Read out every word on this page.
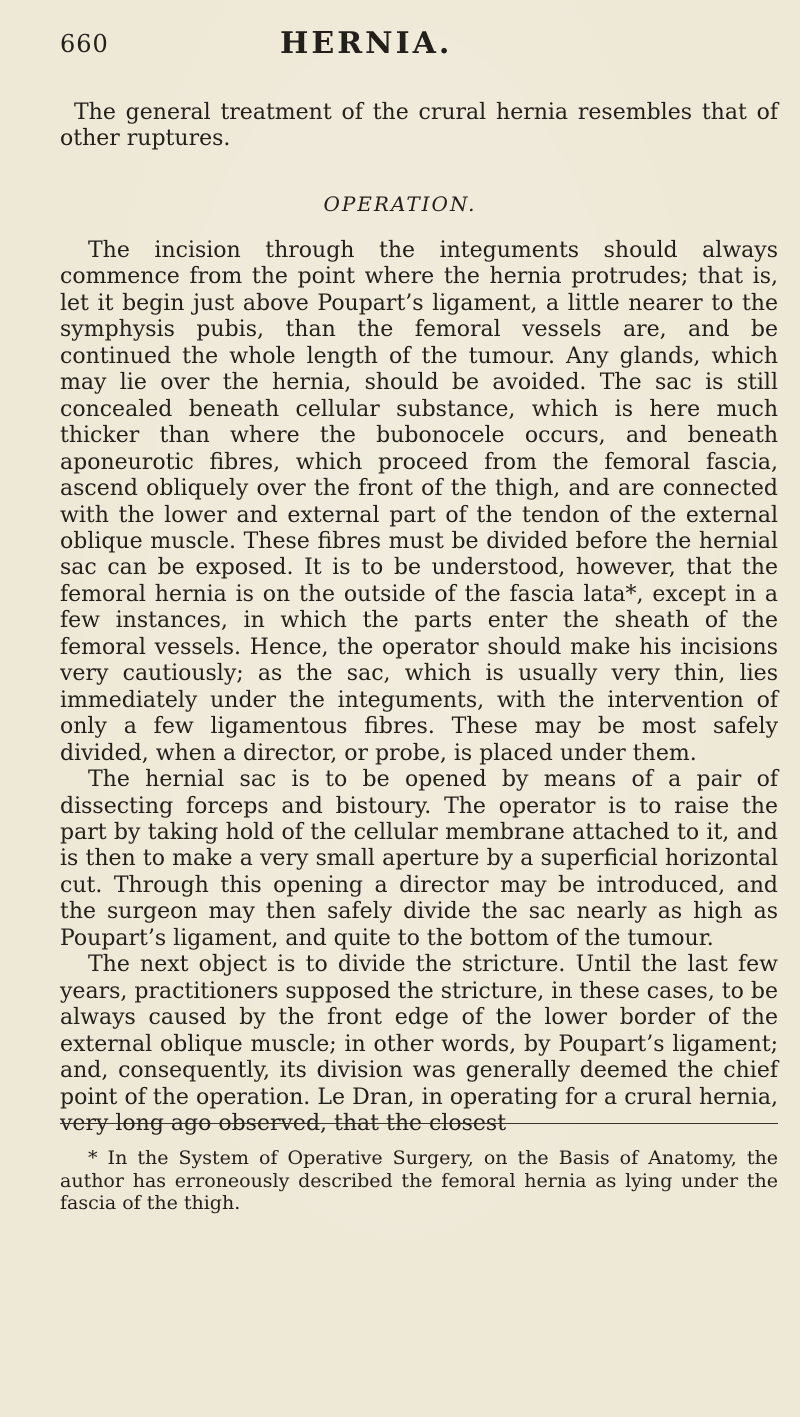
660	HERNIA.
The general treatment of the crural hernia resembles that of other ruptures.
OPERATION.

The incision through the integuments should always commence from the point where the hernia protrudes; that is, let it begin just above Poupart’s ligament, a little nearer to the symphysis pubis, than the femoral vessels are, and be continued the whole length of the tumour. Any glands, which may lie over the hernia, should be avoided. The sac is still concealed beneath cellular substance, which is here much thicker than where the bubonocele occurs, and beneath aponeurotic fibres, which proceed from the femoral fascia, ascend obliquely over the front of the thigh, and are connected with the lower and external part of the tendon of the external oblique muscle. These fibres must be divided before the hernial sac can be exposed. It is to be understood, however, that the femoral hernia is on the outside of the fascia lata*, except in a few instances, in which the parts enter the sheath of the femoral vessels. Hence, the operator should make his incisions very cautiously; as the sac, which is usually very thin, lies immediately under the integuments, with the intervention of only a few ligamentous fibres. These may be most safely divided, when a director, or probe, is placed under them.

The hernial sac is to be opened by means of a pair of dissecting forceps and bistoury. The operator is to raise the part by taking hold of the cellular membrane attached to it, and is then to make a very small aperture by a superficial horizontal cut. Through this opening a director may be introduced, and the surgeon may then safely divide the sac nearly as high as Poupart’s ligament, and quite to the bottom of the tumour.

The next object is to divide the stricture. Until the last few years, practitioners supposed the stricture, in these cases, to be always caused by the front edge of the lower border of the external oblique muscle; in other words, by Poupart’s ligament; and, consequently, its division was generally deemed the chief point of the operation. Le Dran, in operating for a crural hernia, very long ago observed, that the closest

* In the System of Operative Surgery, on the Basis of Anatomy, the author has erroneously described the femoral hernia as lying under the fascia of the thigh.
